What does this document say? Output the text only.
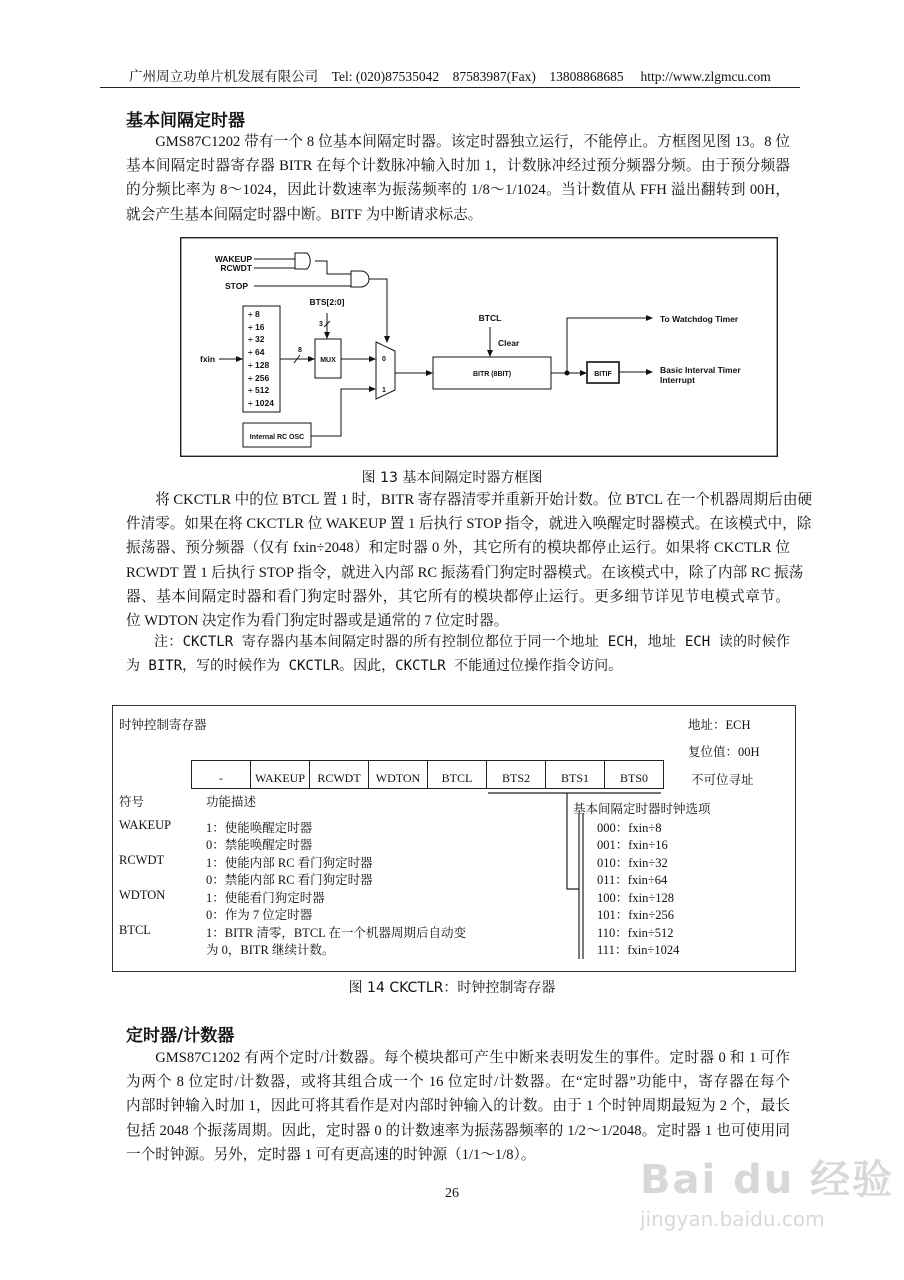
广州周立功单片机发展有限公司    Tel: (020)87535042    87583987(Fax)    13808868685     http://www.zlgmcu.com
基本间隔定时器
GMS87C1202 带有一个 8 位基本间隔定时器。该定时器独立运行，不能停止。方框图见图 13。8 位
基本间隔定时器寄存器 BITR 在每个计数脉冲输入时加 1，计数脉冲经过预分频器分频。由于预分频器
的分频比率为 8～1024，因此计数速率为振荡频率的 1/8～1/1024。当计数值从 FFH 溢出翻转到 00H，
就会产生基本间隔定时器中断。BITF 为中断请求标志。
WAKEUP
RCWDT
STOP
BTS[2:0]
3
8
fxin
÷ 8
÷ 16
÷ 32
÷ 64
÷ 128
÷ 256
÷ 512
÷ 1024
MUX	0
1
Internal RC OSC
BTCL
Clear
BITR (8BIT)	BITIF
To Watchdog Timer
Basic Interval Timer
Interrupt
图 13 基本间隔定时器方框图
将 CKCTLR 中的位 BTCL 置 1 时，BITR 寄存器清零并重新开始计数。位 BTCL 在一个机器周期后由硬
件清零。如果在将 CKCTLR 位 WAKEUP 置 1 后执行 STOP 指令，就进入唤醒定时器模式。在该模式中，除
振荡器、预分频器（仅有 fxin÷2048）和定时器 0 外，其它所有的模块都停止运行。如果将 CKCTLR 位
RCWDT 置 1 后执行 STOP 指令，就进入内部 RC 振荡看门狗定时器模式。在该模式中，除了内部 RC 振荡
器、基本间隔定时器和看门狗定时器外，其它所有的模块都停止运行。更多细节详见节电模式章节。
位 WDTON 决定作为看门狗定时器或是通常的 7 位定时器。
注：CKCTLR 寄存器内基本间隔定时器的所有控制位都位于同一个地址 ECH，地址 ECH 读的时候作
为 BITR，写的时候作为 CKCTLR。因此，CKCTLR 不能通过位操作指令访问。
时钟控制寄存器	地址：ECH
复位值：00H
不可位寻址
-	WAKEUP	RCWDT	WDTON	BTCL	BTS2	BTS1	BTS0
符号	功能描述	基本间隔定时器时钟选项
WAKEUP	1：使能唤醒定时器
0：禁能唤醒定时器
RCWDT	1：使能内部 RC 看门狗定时器
0：禁能内部 RC 看门狗定时器
WDTON	1：使能看门狗定时器
0：作为 7 位定时器
BTCL	1：BITR 清零，BTCL 在一个机器周期后自动变
为 0，BITR 继续计数。
000：fxin÷8
001：fxin÷16
010：fxin÷32
011：fxin÷64
100：fxin÷128
101：fxin÷256
110：fxin÷512
111：fxin÷1024
图 14 CKCTLR：时钟控制寄存器
定时器/计数器
GMS87C1202 有两个定时/计数器。每个模块都可产生中断来表明发生的事件。定时器 0 和 1 可作
为两个 8 位定时/计数器，或将其组合成一个 16 位定时/计数器。在“定时器”功能中，寄存器在每个
内部时钟输入时加 1，因此可将其看作是对内部时钟输入的计数。由于 1 个时钟周期最短为 2 个，最长
包括 2048 个振荡周期。因此，定时器 0 的计数速率为振荡器频率的 1/2～1/2048。定时器 1 也可使用同
一个时钟源。另外，定时器 1 可有更高速的时钟源（1/1～1/8）。
26	Bai du 经验
jingyan.baidu.com
